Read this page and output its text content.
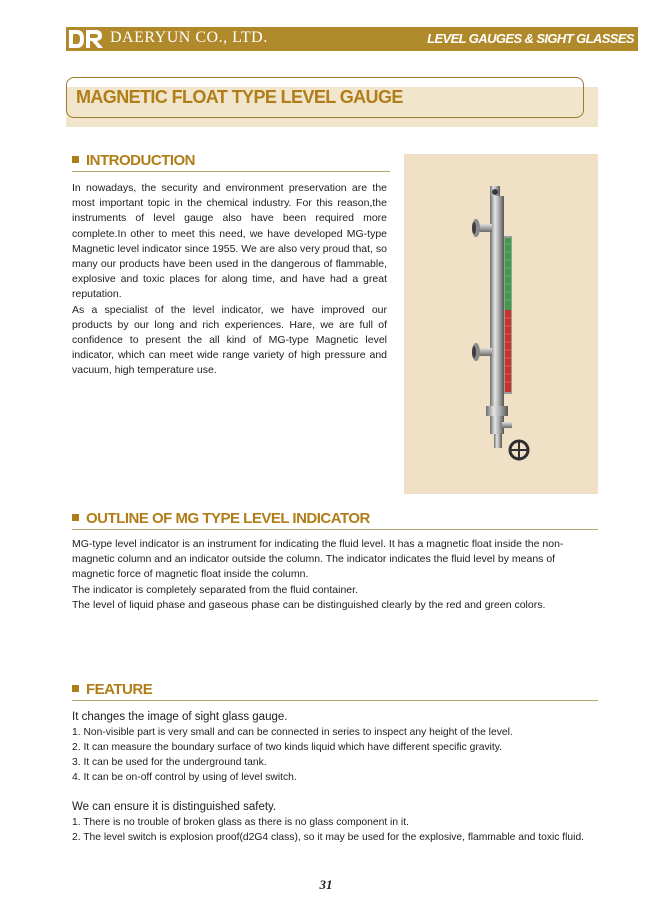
DAERYUN CO., LTD.	LEVEL GAUGES & SIGHT GLASSES
MAGNETIC FLOAT TYPE LEVEL GAUGE
INTRODUCTION

In nowadays, the security and environment preservation are the most important topic in the chemical industry. For this reason,the instruments of level gauge also have been required more complete.In other to meet this need, we have developed MG-type Magnetic level indicator since 1955. We are also very proud that, so many our products have been used in the dangerous of flammable, explosive and toxic places for along time, and have had a great reputation.

As a specialist of the level indicator, we have improved our products by our long and rich experiences. Hare, we are full of confidence to present the all kind of MG-type Magnetic level indicator, which can meet wide range variety of high pressure and vacuum, high temperature use.

OUTLINE OF MG TYPE LEVEL INDICATOR

MG-type level indicator is an instrument for indicating the fluid level. It has a magnetic float inside the non-magnetic column and an indicator outside the column. The indicator indicates the fluid level by means of magnetic force of magnetic float inside the column.

The indicator is completely separated from the fluid container.

The level of liquid phase and gaseous phase can be distinguished clearly by the red and green colors.

FEATURE
It changes the image of sight glass gauge.
1. Non-visible part is very small and can be connected in series to inspect any height of the level.
2. It can measure the boundary surface of two kinds liquid which have different specific gravity.
3. It can be used for the underground tank.
4. It can be on-off control by using of level switch.
We can ensure it is distinguished safety.
1. There is no trouble of broken glass as there is no glass component in it.
2. The level switch is explosion proof(d2G4 class), so it may be used for the explosive, flammable and toxic fluid.
31
